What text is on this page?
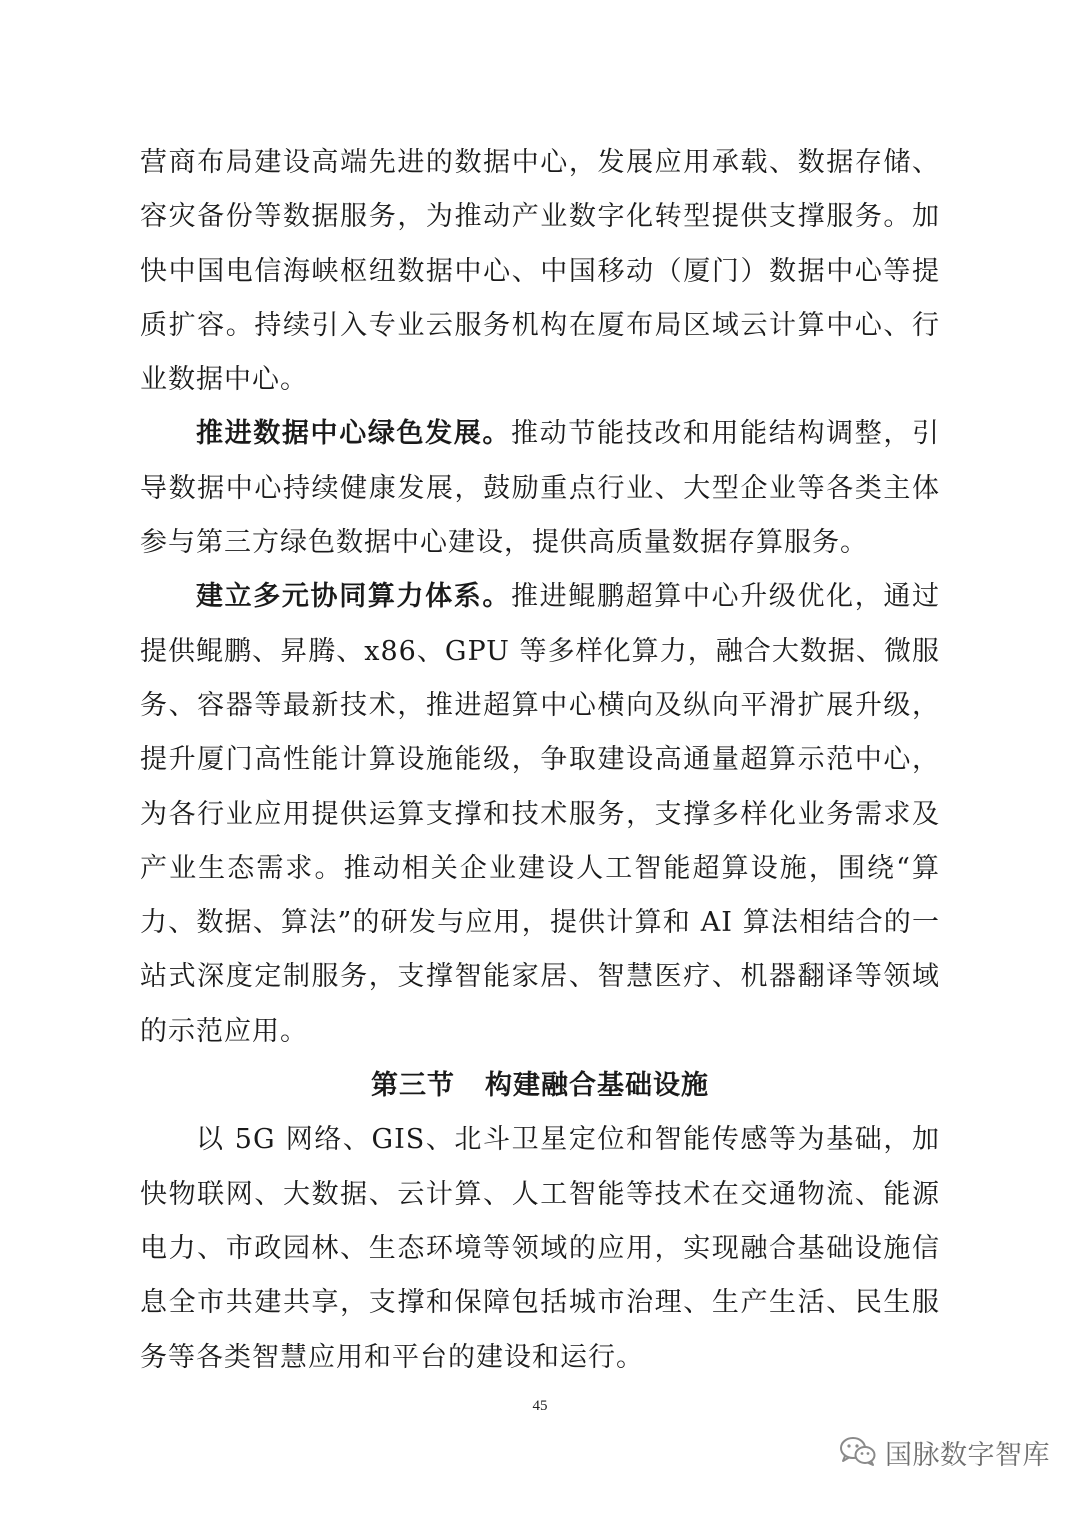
营商布局建设高端先进的数据中心，发展应用承载、数据存储、容灾备份等数据服务，为推动产业数字化转型提供支撑服务。加快中国电信海峡枢纽数据中心、中国移动（厦门）数据中心等提质扩容。持续引入专业云服务机构在厦布局区域云计算中心、行业数据中心。

推进数据中心绿色发展。推动节能技改和用能结构调整，引导数据中心持续健康发展，鼓励重点行业、大型企业等各类主体参与第三方绿色数据中心建设，提供高质量数据存算服务。

建立多元协同算力体系。推进鲲鹏超算中心升级优化，通过提供鲲鹏、昇腾、x86、GPU 等多样化算力，融合大数据、微服务、容器等最新技术，推进超算中心横向及纵向平滑扩展升级，提升厦门高性能计算设施能级，争取建设高通量超算示范中心，为各行业应用提供运算支撑和技术服务，支撑多样化业务需求及产业生态需求。推动相关企业建设人工智能超算设施，围绕“算力、数据、算法”的研发与应用，提供计算和 AI 算法相结合的一站式深度定制服务，支撑智能家居、智慧医疗、机器翻译等领域的示范应用。

第三节 构建融合基础设施

以 5G 网络、GIS、北斗卫星定位和智能传感等为基础，加快物联网、大数据、云计算、人工智能等技术在交通物流、能源电力、市政园林、生态环境等领域的应用，实现融合基础设施信息全市共建共享，支撑和保障包括城市治理、生产生活、民生服务等各类智慧应用和平台的建设和运行。

45
国脉数字智库
